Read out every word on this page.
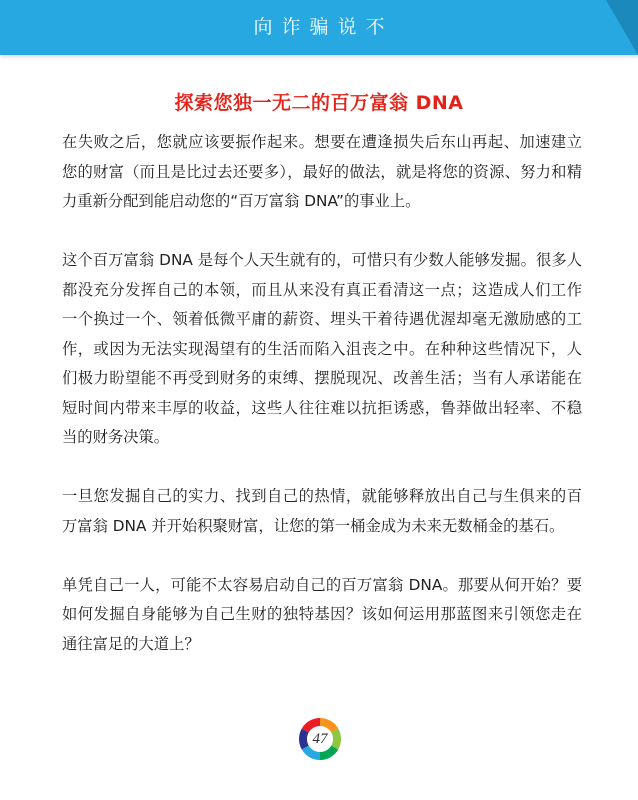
向诈骗说不
探索您独一无二的百万富翁 DNA

在失败之后，您就应该要振作起来。想要在遭逢损失后东山再起、加速建立您的财富（而且是比过去还要多），最好的做法，就是将您的资源、努力和精力重新分配到能启动您的“百万富翁 DNA”的事业上。

这个百万富翁 DNA 是每个人天生就有的，可惜只有少数人能够发掘。很多人都没充分发挥自己的本领，而且从来没有真正看清这一点；这造成人们工作一个换过一个、领着低微平庸的薪资、埋头干着待遇优渥却毫无激励感的工作，或因为无法实现渴望有的生活而陷入沮丧之中。在种种这些情况下，人们极力盼望能不再受到财务的束缚、摆脱现况、改善生活；当有人承诺能在短时间内带来丰厚的收益，这些人往往难以抗拒诱惑，鲁莽做出轻率、不稳当的财务决策。

一旦您发掘自己的实力、找到自己的热情，就能够释放出自己与生俱来的百万富翁 DNA 并开始积聚财富，让您的第一桶金成为未来无数桶金的基石。

单凭自己一人，可能不太容易启动自己的百万富翁 DNA。那要从何开始？要如何发掘自身能够为自己生财的独特基因？该如何运用那蓝图来引领您走在通往富足的大道上？

47
